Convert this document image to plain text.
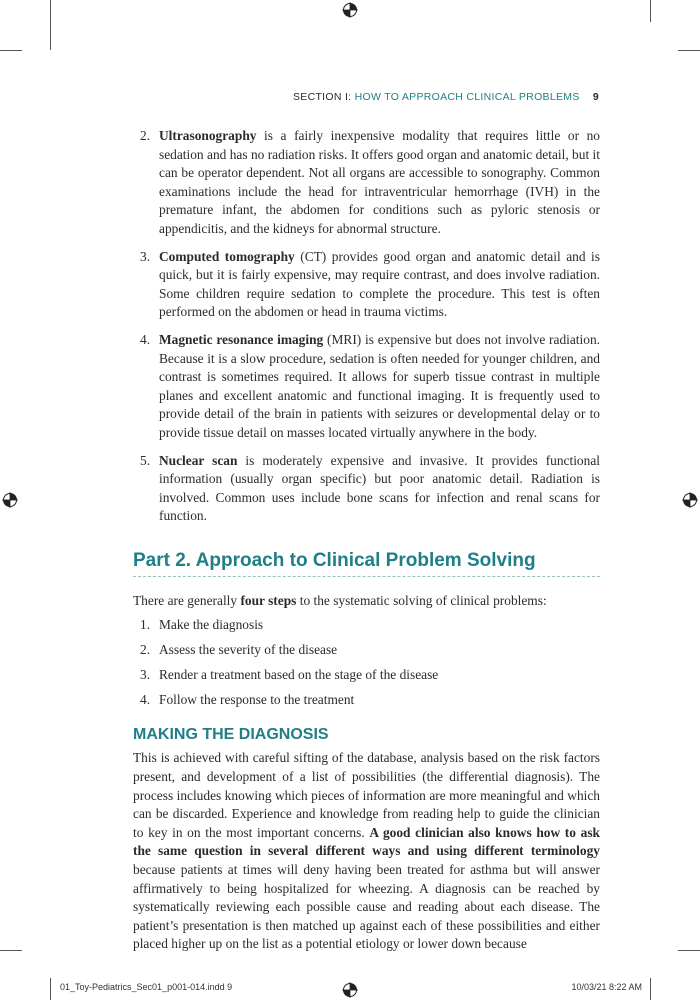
SECTION I: HOW TO APPROACH CLINICAL PROBLEMS 9
2. Ultrasonography is a fairly inexpensive modality that requires little or no sedation and has no radiation risks. It offers good organ and anatomic detail, but it can be operator dependent. Not all organs are accessible to sonography. Common examinations include the head for intraventricular hemorrhage (IVH) in the premature infant, the abdomen for conditions such as pyloric stenosis or appendicitis, and the kidneys for abnormal structure.
3. Computed tomography (CT) provides good organ and anatomic detail and is quick, but it is fairly expensive, may require contrast, and does involve radiation. Some children require sedation to complete the procedure. This test is often performed on the abdomen or head in trauma victims.
4. Magnetic resonance imaging (MRI) is expensive but does not involve radiation. Because it is a slow procedure, sedation is often needed for younger children, and contrast is sometimes required. It allows for superb tissue contrast in multiple planes and excellent anatomic and functional imaging. It is frequently used to provide detail of the brain in patients with seizures or developmental delay or to provide tissue detail on masses located virtually anywhere in the body.
5. Nuclear scan is moderately expensive and invasive. It provides functional information (usually organ specific) but poor anatomic detail. Radiation is involved. Common uses include bone scans for infection and renal scans for function.
Part 2. Approach to Clinical Problem Solving

There are generally four steps to the systematic solving of clinical problems:

1. Make the diagnosis
2. Assess the severity of the disease
3. Render a treatment based on the stage of the disease
4. Follow the response to the treatment
MAKING THE DIAGNOSIS

This is achieved with careful sifting of the database, analysis based on the risk factors present, and development of a list of possibilities (the differential diagnosis). The process includes knowing which pieces of information are more meaningful and which can be discarded. Experience and knowledge from reading help to guide the clinician to key in on the most important concerns. A good clinician also knows how to ask the same question in several different ways and using different terminology because patients at times will deny having been treated for asthma but will answer affirmatively to being hospitalized for wheezing. A diagnosis can be reached by systematically reviewing each possible cause and reading about each disease. The patient’s presentation is then matched up against each of these possibilities and either placed higher up on the list as a potential etiology or lower down because

01_Toy-Pediatrics_Sec01_p001-014.indd 9	10/03/21 8:22 AM
